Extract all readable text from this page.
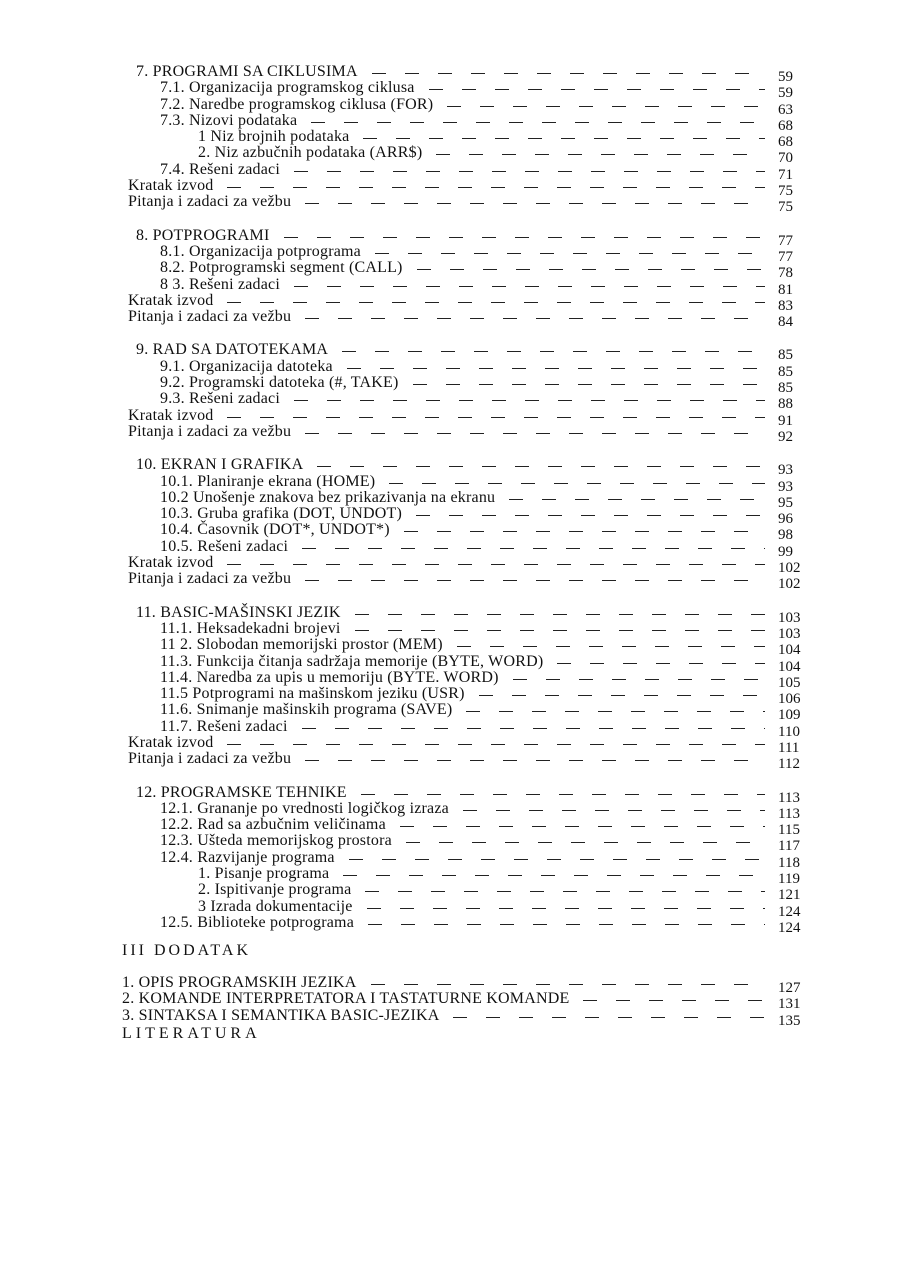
7. PROGRAMI SA CIKLUSIMA	59
7.1. Organizacija programskog ciklusa	59
7.2. Naredbe programskog ciklusa (FOR)	63
7.3. Nizovi podataka	68
1 Niz brojnih podataka	68
2. Niz azbučnih podataka (ARR$)	70
7.4. Rešeni zadaci	71
Kratak izvod	75
Pitanja i zadaci za vežbu	75
8. POTPROGRAMI	77
8.1. Organizacija potprograma	77
8.2. Potprogramski segment (CALL)	78
8 3. Rešeni zadaci	81
Kratak izvod	83
Pitanja i zadaci za vežbu	84
9. RAD SA DATOTEKAMA	85
9.1. Organizacija datoteka	85
9.2. Programski datoteka (#, TAKE)	85
9.3. Rešeni zadaci	88
Kratak izvod	91
Pitanja i zadaci za vežbu	92
10. EKRAN I GRAFIKA	93
10.1. Planiranje ekrana (HOME)	93
10.2 Unošenje znakova bez prikazivanja na ekranu	95
10.3. Gruba grafika (DOT, UNDOT)	96
10.4. Časovnik (DOT*, UNDOT*)	98
10.5. Rešeni zadaci	99
Kratak izvod	102
Pitanja i zadaci za vežbu	102
11. BASIC-MAŠINSKI JEZIK	103
11.1. Heksadekadni brojevi	103
11 2. Slobodan memorijski prostor (MEM)	104
11.3. Funkcija čitanja sadržaja memorije (BYTE, WORD)	104
11.4. Naredba za upis u memoriju (BYTE. WORD)	105
11.5 Potprogrami na mašinskom jeziku (USR)	106
11.6. Snimanje mašinskih programa (SAVE)	109
11.7. Rešeni zadaci	110
Kratak izvod	111
Pitanja i zadaci za vežbu	112
12. PROGRAMSKE TEHNIKE	113
12.1. Grananje po vrednosti logičkog izraza	113
12.2. Rad sa azbučnim veličinama	115
12.3. Ušteda memorijskog prostora	117
12.4. Razvijanje programa	118
1. Pisanje programa	119
2. Ispitivanje programa	121
3 Izrada dokumentacije	124
12.5. Biblioteke potprograma	124
III DODATAK
1. OPIS PROGRAMSKIH JEZIKA	127
2. KOMANDE INTERPRETATORA I TASTATURNE KOMANDE	131
3. SINTAKSA I SEMANTIKA BASIC-JEZIKA	135
LITERATURA
